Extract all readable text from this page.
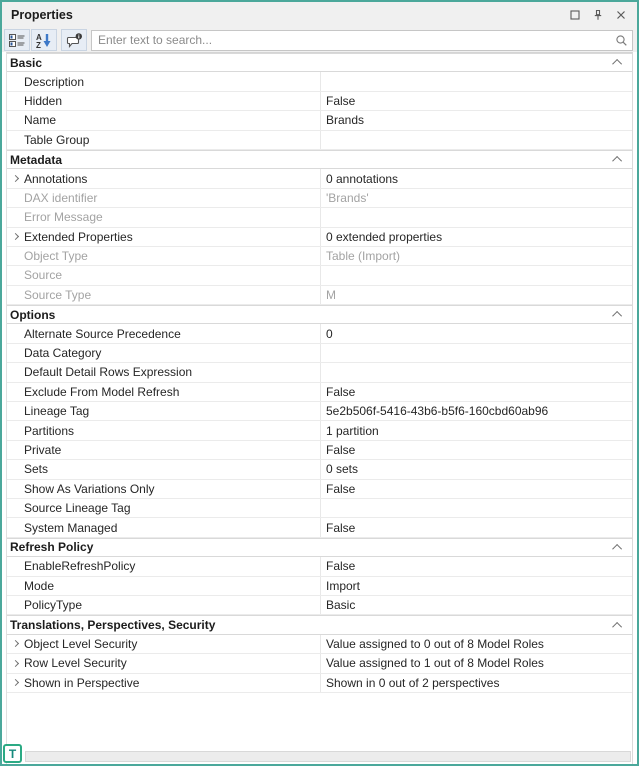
Properties
A
Z
Enter text to search...
Basic
Description
Hidden	False
Name	Brands
Table Group
Metadata
Annotations	0 annotations
DAX identifier	'Brands'
Error Message
Extended Properties	0 extended properties
Object Type	Table (Import)
Source
Source Type	M
Options
Alternate Source Precedence	0
Data Category
Default Detail Rows Expression
Exclude From Model Refresh	False
Lineage Tag	5e2b506f-5416-43b6-b5f6-160cbd60ab96
Partitions	1 partition
Private	False
Sets	0 sets
Show As Variations Only	False
Source Lineage Tag
System Managed	False
Refresh Policy
EnableRefreshPolicy	False
Mode	Import
PolicyType	Basic
Translations, Perspectives, Security
Object Level Security	Value assigned to 0 out of 8 Model Roles
Row Level Security	Value assigned to 1 out of 8 Model Roles
Shown in Perspective	Shown in 0 out of 2 perspectives
T
